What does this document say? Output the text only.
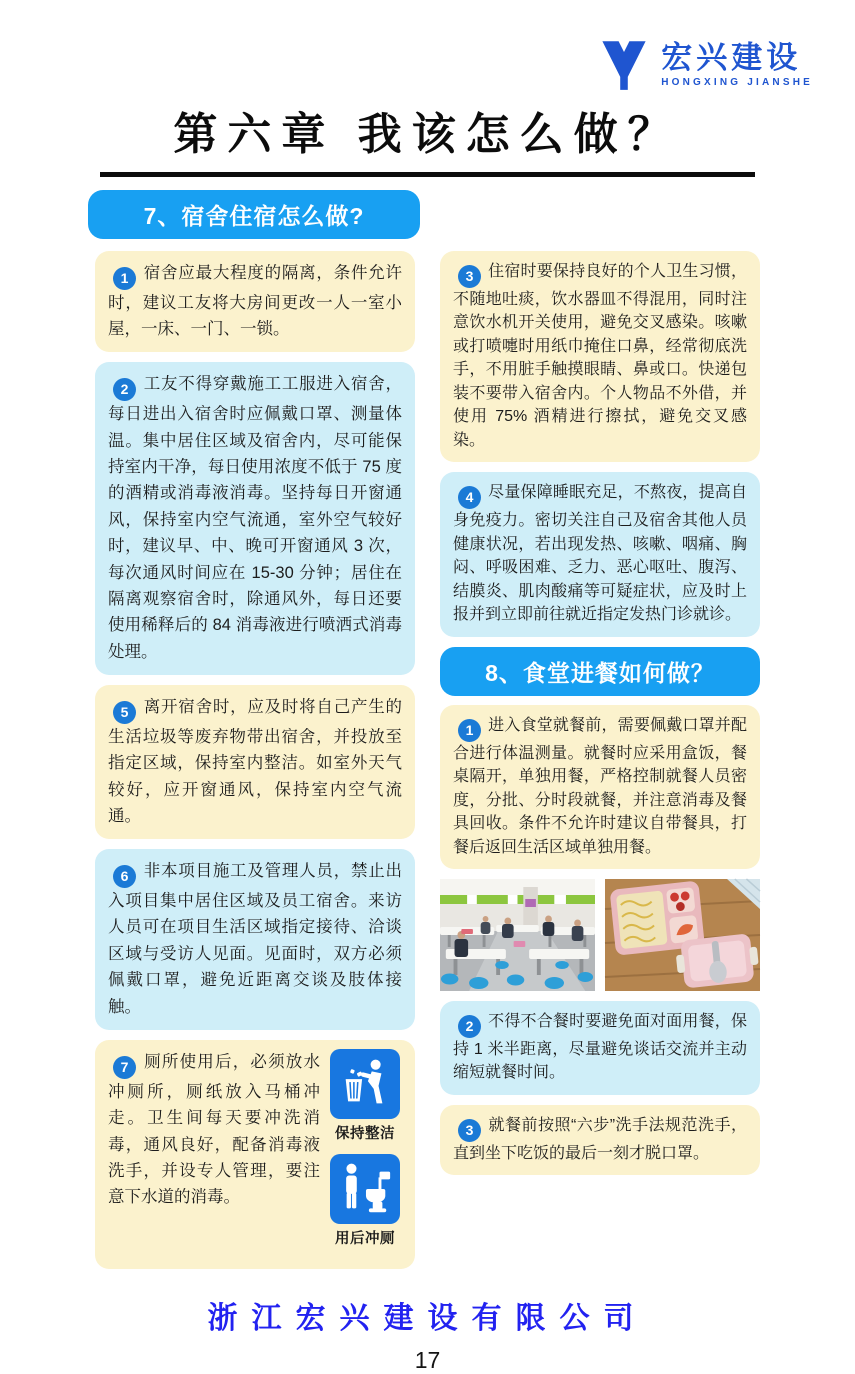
宏兴建设
HONGXING JIANSHE
第六章 我该怎么做？
7、宿舍住宿怎么做?
1 宿舍应最大程度的隔离，条件允许时，建议工友将大房间更改一人一室小屋，一床、一门、一锁。
2 工友不得穿戴施工工服进入宿舍，每日进出入宿舍时应佩戴口罩、测量体温。集中居住区域及宿舍内，尽可能保持室内干净，每日使用浓度不低于 75 度的酒精或消毒液消毒。坚持每日开窗通风，保持室内空气流通，室外空气较好时，建议早、中、晚可开窗通风 3 次，每次通风时间应在 15-30 分钟；居住在隔离观察宿舍时，除通风外，每日还要使用稀释后的 84 消毒液进行喷洒式消毒处理。
5 离开宿舍时，应及时将自己产生的生活垃圾等废弃物带出宿舍，并投放至指定区域，保持室内整洁。如室外天气较好，应开窗通风，保持室内空气流通。
6 非本项目施工及管理人员，禁止出入项目集中居住区域及员工宿舍。来访人员可在项目生活区域指定接待、洽谈区域与受访人见面。见面时，双方必须佩戴口罩，避免近距离交谈及肢体接触。
7 厕所使用后，必须放水冲厕所，厕纸放入马桶冲走。卫生间每天要冲洗消毒，通风良好，配备消毒液洗手，并设专人管理，要注意下水道的消毒。
保持整洁
用后冲厕
3 住宿时要保持良好的个人卫生习惯，不随地吐痰，饮水器皿不得混用，同时注意饮水机开关使用，避免交叉感染。咳嗽或打喷嚏时用纸巾掩住口鼻，经常彻底洗手，不用脏手触摸眼睛、鼻或口。快递包装不要带入宿舍内。个人物品不外借，并使用 75% 酒精进行擦拭，避免交叉感染。
4 尽量保障睡眠充足，不熬夜，提高自身免疫力。密切关注自己及宿舍其他人员健康状况，若出现发热、咳嗽、咽痛、胸闷、呼吸困难、乏力、恶心呕吐、腹泻、结膜炎、肌肉酸痛等可疑症状，应及时上报并到立即前往就近指定发热门诊就诊。
8、食堂进餐如何做？
1 进入食堂就餐前，需要佩戴口罩并配合进行体温测量。就餐时应采用盒饭，餐桌隔开，单独用餐，严格控制就餐人员密度，分批、分时段就餐，并注意消毒及餐具回收。条件不允许时建议自带餐具，打餐后返回生活区域单独用餐。
2 不得不合餐时要避免面对面用餐，保持 1 米半距离，尽量避免谈话交流并主动缩短就餐时间。
3 就餐前按照“六步”洗手法规范洗手，直到坐下吃饭的最后一刻才脱口罩。
浙江宏兴建设有限公司
17
